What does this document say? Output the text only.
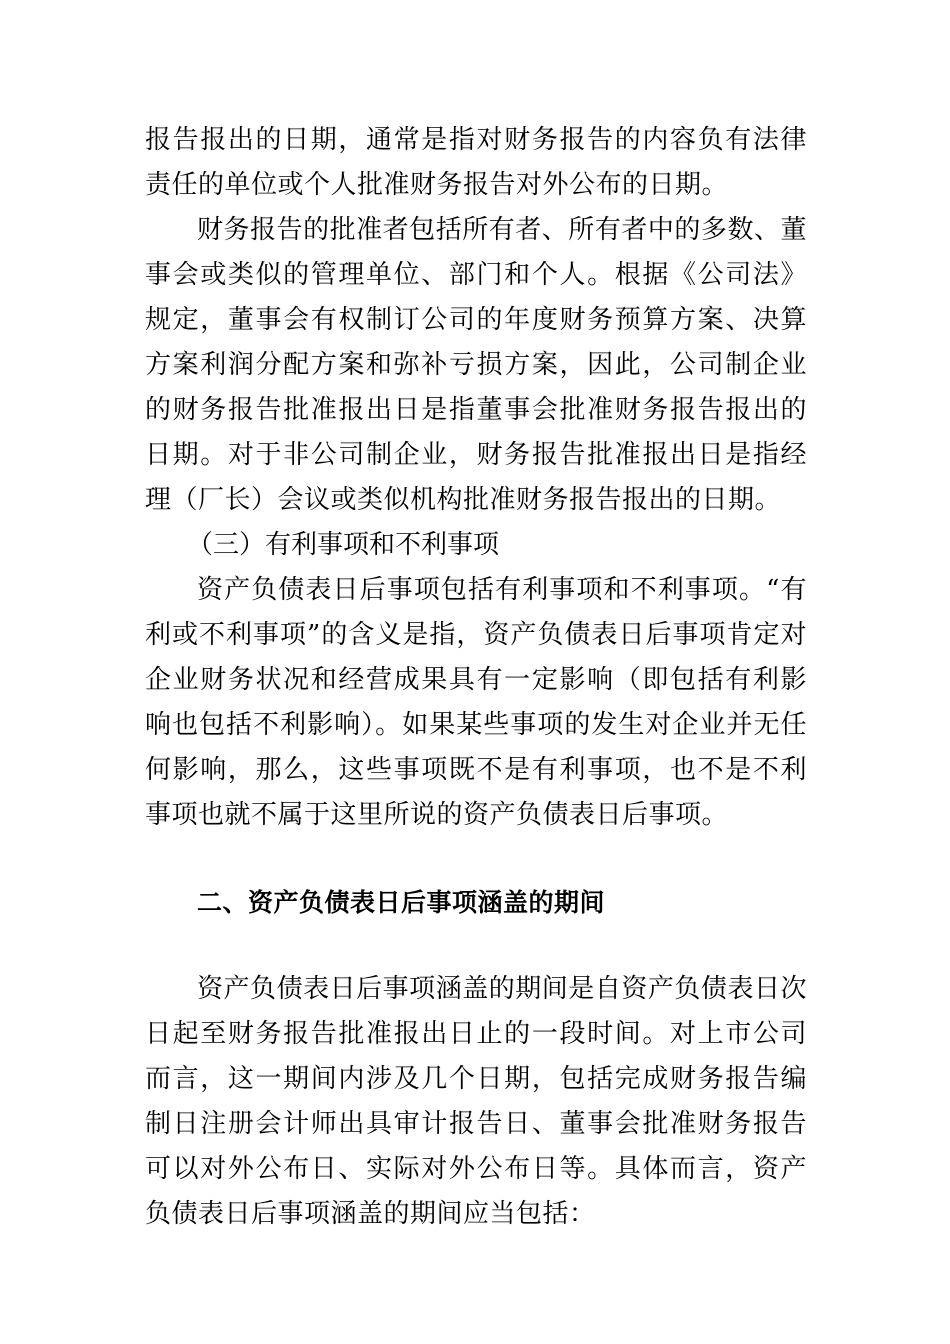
报告报出的日期，通常是指对财务报告的内容负有法律责任的单位或个人批准财务报告对外公布的日期。

财务报告的批准者包括所有者、所有者中的多数、董事会或类似的管理单位、部门和个人。根据《公司法》规定，董事会有权制订公司的年度财务预算方案、决算方案利润分配方案和弥补亏损方案，因此，公司制企业的财务报告批准报出日是指董事会批准财务报告报出的日期。对于非公司制企业，财务报告批准报出日是指经理（厂长）会议或类似机构批准财务报告报出的日期。

（三）有利事项和不利事项

资产负债表日后事项包括有利事项和不利事项。“有利或不利事项”的含义是指，资产负债表日后事项肯定对企业财务状况和经营成果具有一定影响（即包括有利影响也包括不利影响）。如果某些事项的发生对企业并无任何影响，那么，这些事项既不是有利事项，也不是不利事项也就不属于这里所说的资产负债表日后事项。

二、资产负债表日后事项涵盖的期间

资产负债表日后事项涵盖的期间是自资产负债表日次日起至财务报告批准报出日止的一段时间。对上市公司而言，这一期间内涉及几个日期，包括完成财务报告编制日注册会计师出具审计报告日、董事会批准财务报告可以对外公布日、实际对外公布日等。具体而言，资产负债表日后事项涵盖的期间应当包括：
